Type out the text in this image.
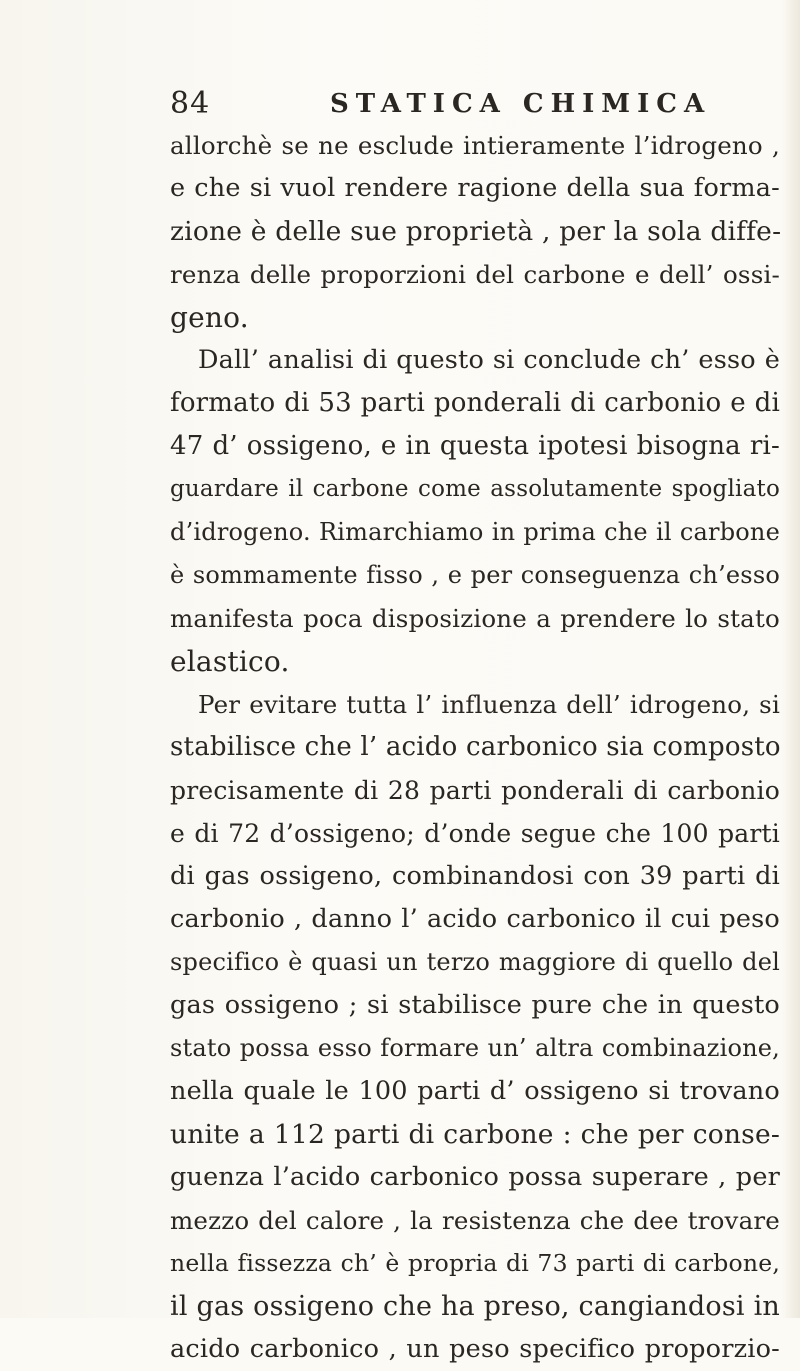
84	STATICA CHIMICA
allorchè se ne esclude intieramente l’idrogeno ,
e che si vuol rendere ragione della sua forma-
zione è delle sue proprietà , per la sola diffe-
renza delle proporzioni del carbone e dell’ ossi-
geno.
Dall’ analisi di questo si conclude ch’ esso è
formato di 53 parti ponderali di carbonio e di
47 d’ ossigeno, e in questa ipotesi bisogna ri-
guardare il carbone come assolutamente spogliato
d’idrogeno. Rimarchiamo in prima che il carbone
è sommamente fisso , e per conseguenza ch’esso
manifesta poca disposizione a prendere lo stato
elastico.
Per evitare tutta l’ influenza dell’ idrogeno, si
stabilisce che l’ acido carbonico sia composto
precisamente di 28 parti ponderali di carbonio
e di 72 d’ossigeno; d’onde segue che 100 parti
di gas ossigeno, combinandosi con 39 parti di
carbonio , danno l’ acido carbonico il cui peso
specifico è quasi un terzo maggiore di quello del
gas ossigeno ; si stabilisce pure che in questo
stato possa esso formare un’ altra combinazione,
nella quale le 100 parti d’ ossigeno si trovano
unite a 112 parti di carbone : che per conse-
guenza l’acido carbonico possa superare , per
mezzo del calore , la resistenza che dee trovare
nella fissezza ch’ è propria di 73 parti di carbone,
il gas ossigeno che ha preso, cangiandosi in
acido carbonico , un peso specifico proporzio-
